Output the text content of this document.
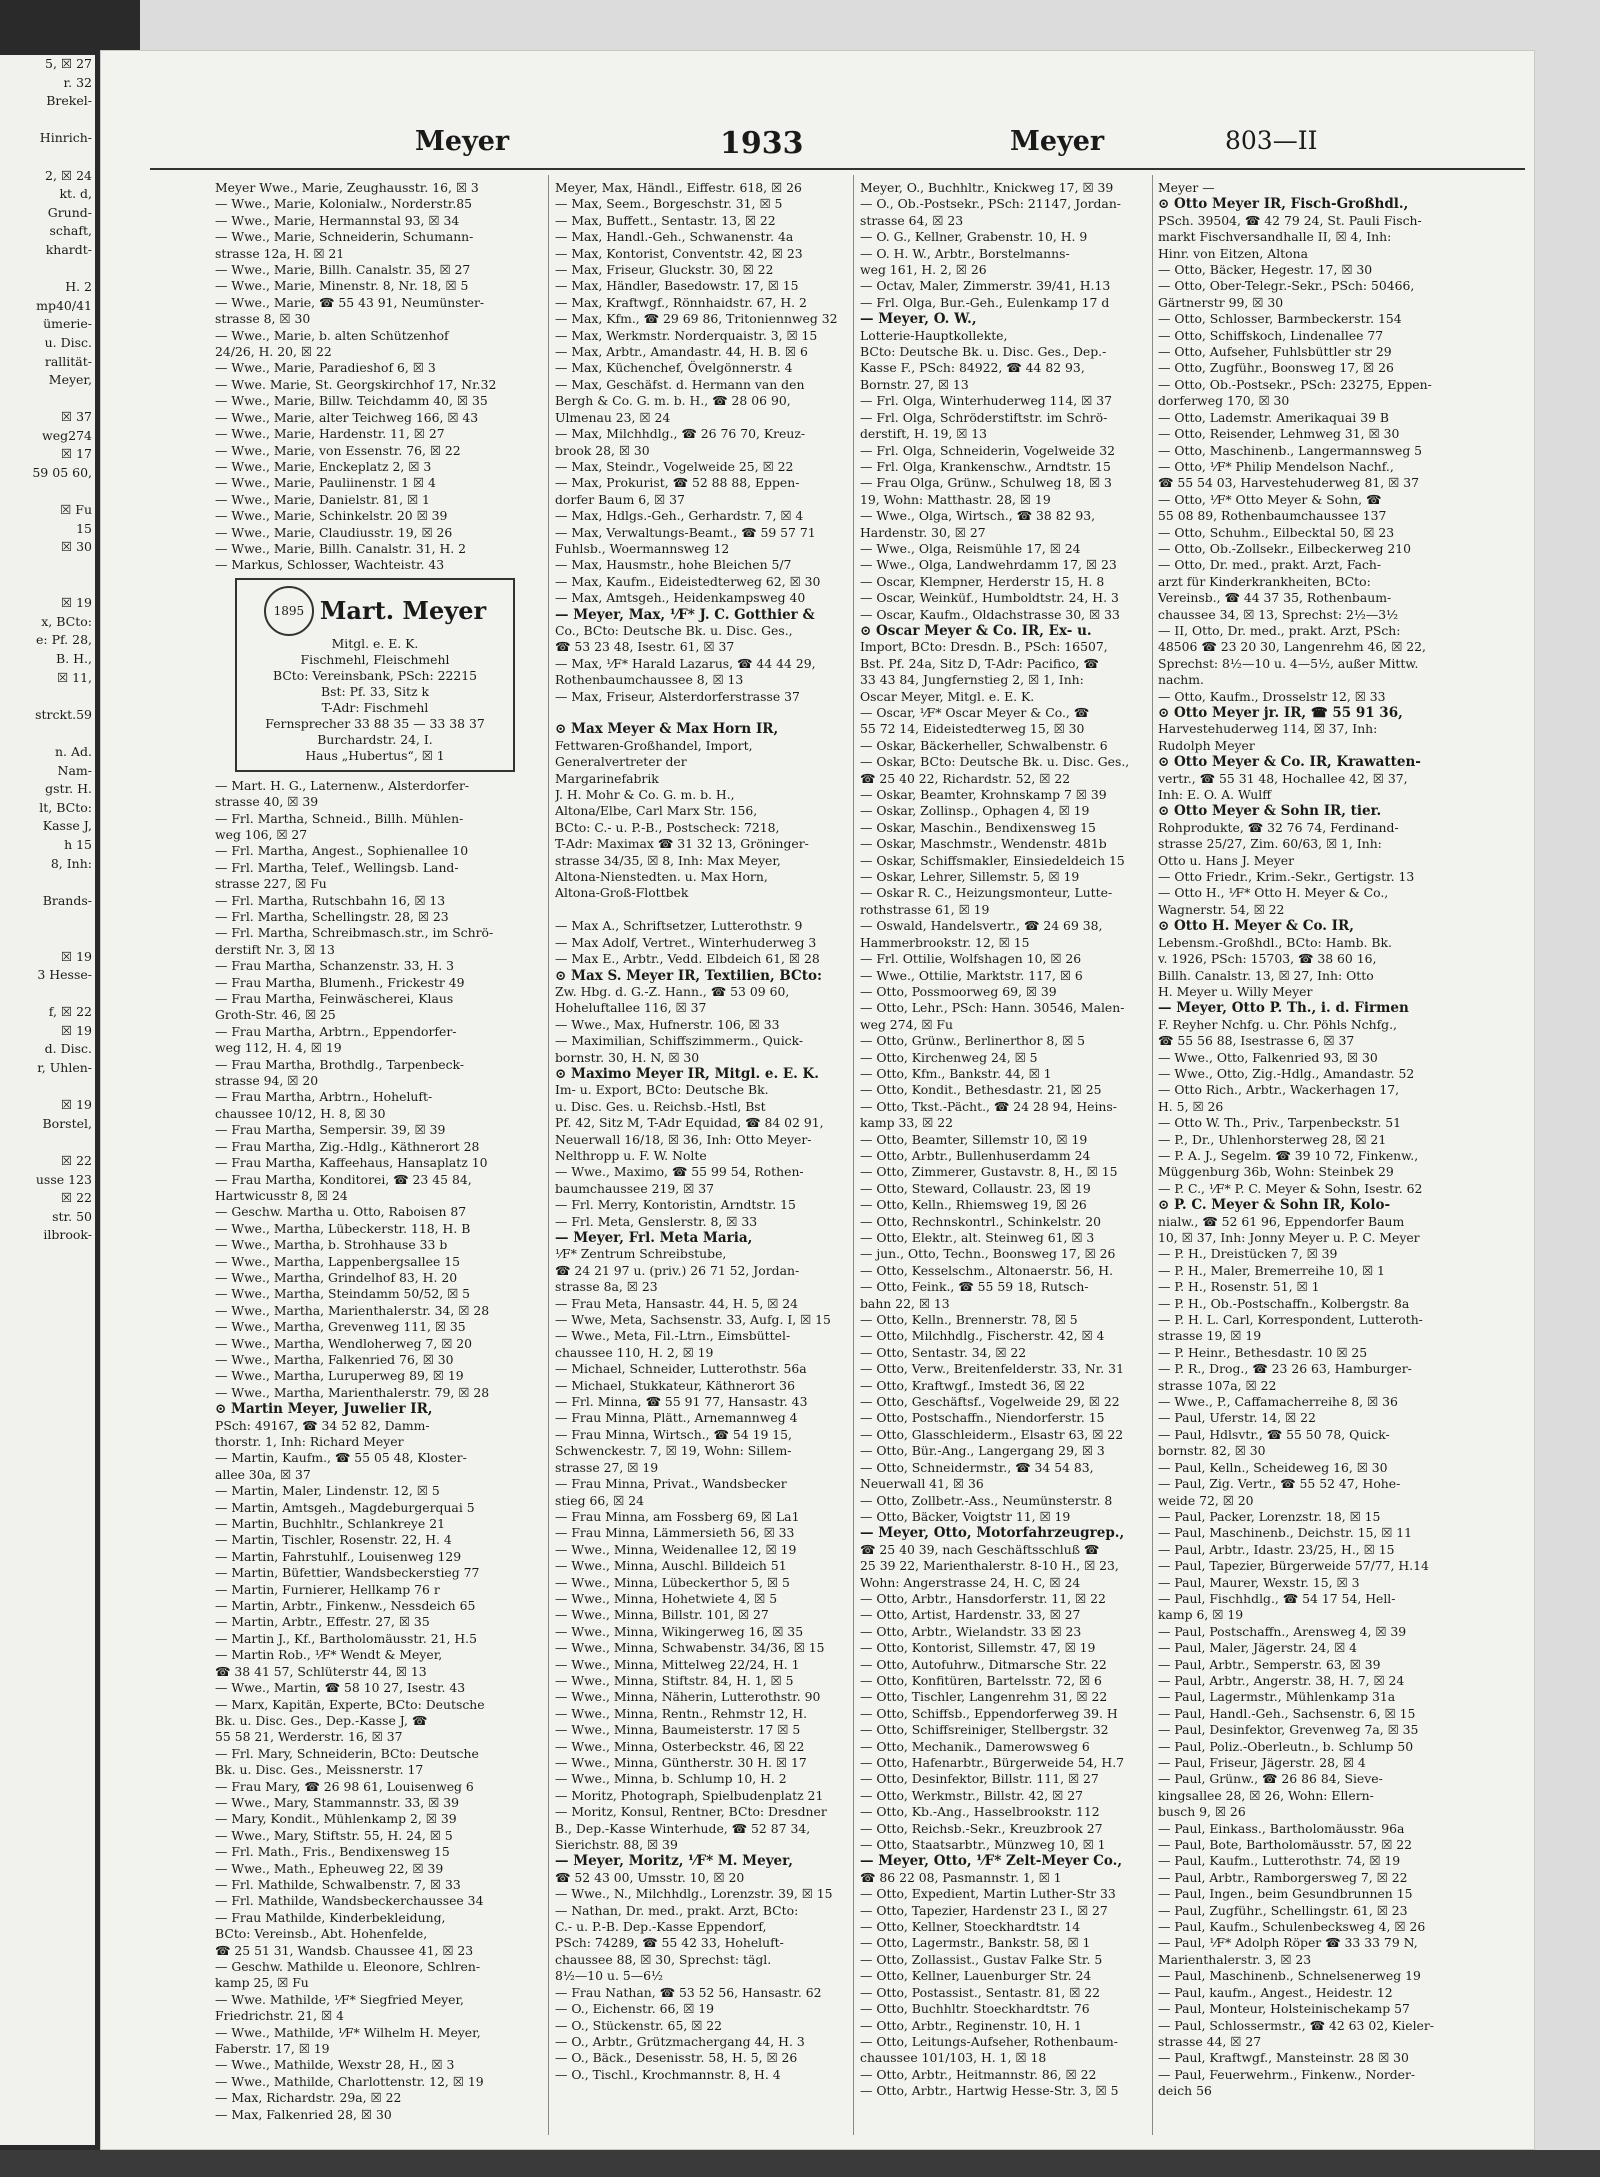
5, ☒ 27
r. 32
Brekel-

Hinrich-

2, ☒ 24
kt. d,
Grund-
schaft,
khardt-

H. 2
mp40/41
ümerie-
u. Disc.
rallität-
Meyer,

☒ 37
weg274
☒ 17
59 05 60,

☒ Fu
15
☒ 30

☒ 19
x, BCto:
e: Pf. 28,
B. H.,
☒ 11,

strckt.59

n. Ad.
Nam-
gstr. H.
lt, BCto:
Kasse J,
h 15
8, Inh:

Brands-

☒ 19
3 Hesse-

f, ☒ 22
☒ 19
d. Disc.
r, Uhlen-

☒ 19
Borstel,

☒ 22
usse 123
☒ 22
str. 50
ilbrook-
Meyer	1933	Meyer	803—II
Meyer Wwe., Marie, Zeughausstr. 16, ☒ 3
— Wwe., Marie, Kolonialw., Norderstr.85
— Wwe., Marie, Hermannstal 93, ☒ 34
— Wwe., Marie, Schneiderin, Schumann-
strasse 12a, H. ☒ 21
— Wwe., Marie, Billh. Canalstr. 35, ☒ 27
— Wwe., Marie, Minenstr. 8, Nr. 18, ☒ 5
— Wwe., Marie, ☎ 55 43 91, Neumünster-
strasse 8, ☒ 30
— Wwe., Marie, b. alten Schützenhof
24/26, H. 20, ☒ 22
— Wwe., Marie, Paradieshof 6, ☒ 3
— Wwe. Marie, St. Georgskirchhof 17, Nr.32
— Wwe., Marie, Billw. Teichdamm 40, ☒ 35
— Wwe., Marie, alter Teichweg 166, ☒ 43
— Wwe., Marie, Hardenstr. 11, ☒ 27
— Wwe., Marie, von Essenstr. 76, ☒ 22
— Wwe., Marie, Enckeplatz 2, ☒ 3
— Wwe., Marie, Pauliinenstr. 1 ☒ 4
— Wwe., Marie, Danielstr. 81, ☒ 1
— Wwe., Marie, Schinkelstr. 20 ☒ 39
— Wwe., Marie, Claudiusstr. 19, ☒ 26
— Wwe., Marie, Billh. Canalstr. 31, H. 2
— Markus, Schlosser, Wachteistr. 43
1895 Mart. Meyer
Mitgl. e. E. K.
Fischmehl, Fleischmehl
BCto: Vereinsbank, PSch: 22215
Bst: Pf. 33, Sitz k
T-Adr: Fischmehl
Fernsprecher 33 88 35 — 33 38 37
Burchardstr. 24, I.
Haus „Hubertus“, ☒ 1
— Mart. H. G., Laternenw., Alsterdorfer-
strasse 40, ☒ 39
— Frl. Martha, Schneid., Billh. Mühlen-
weg 106, ☒ 27
— Frl. Martha, Angest., Sophienallee 10
— Frl. Martha, Telef., Wellingsb. Land-
strasse 227, ☒ Fu
— Frl. Martha, Rutschbahn 16, ☒ 13
— Frl. Martha, Schellingstr. 28, ☒ 23
— Frl. Martha, Schreibmasch.str., im Schrö-
derstift Nr. 3, ☒ 13
— Frau Martha, Schanzenstr. 33, H. 3
— Frau Martha, Blumenh., Frickestr 49
— Frau Martha, Feinwäscherei, Klaus
Groth-Str. 46, ☒ 25
— Frau Martha, Arbtrn., Eppendorfer-
weg 112, H. 4, ☒ 19
— Frau Martha, Brothdlg., Tarpenbeck-
strasse 94, ☒ 20
— Frau Martha, Arbtrn., Hoheluft-
chaussee 10/12, H. 8, ☒ 30
— Frau Martha, Sempersir. 39, ☒ 39
— Frau Martha, Zig.-Hdlg., Käthnerort 28
— Frau Martha, Kaffeehaus, Hansaplatz 10
— Frau Martha, Konditorei, ☎ 23 45 84,
Hartwicusstr 8, ☒ 24
— Geschw. Martha u. Otto, Raboisen 87
— Wwe., Martha, Lübeckerstr. 118, H. B
— Wwe., Martha, b. Strohhause 33 b
— Wwe., Martha, Lappenbergsallee 15
— Wwe., Martha, Grindelhof 83, H. 20
— Wwe., Martha, Steindamm 50/52, ☒ 5
— Wwe., Martha, Marienthalerstr. 34, ☒ 28
— Wwe., Martha, Grevenweg 111, ☒ 35
— Wwe., Martha, Wendloherweg 7, ☒ 20
— Wwe., Martha, Falkenried 76, ☒ 30
— Wwe., Martha, Luruperweg 89, ☒ 19
— Wwe., Martha, Marienthalerstr. 79, ☒ 28
⊙ Martin Meyer, Juwelier IR,
PSch: 49167, ☎ 34 52 82, Damm-
thorstr. 1, Inh: Richard Meyer
— Martin, Kaufm., ☎ 55 05 48, Kloster-
allee 30a, ☒ 37
— Martin, Maler, Lindenstr. 12, ☒ 5
— Martin, Amtsgeh., Magdeburgerquai 5
— Martin, Buchhltr., Schlankreye 21
— Martin, Tischler, Rosenstr. 22, H. 4
— Martin, Fahrstuhlf., Louisenweg 129
— Martin, Büfettier, Wandsbeckerstieg 77
— Martin, Furnierer, Hellkamp 76 r
— Martin, Arbtr., Finkenw., Nessdeich 65
— Martin, Arbtr., Effestr. 27, ☒ 35
— Martin J., Kf., Bartholomäusstr. 21, H.5
— Martin Rob., ⅟F* Wendt & Meyer,
☎ 38 41 57, Schlüterstr 44, ☒ 13
— Wwe., Martin, ☎ 58 10 27, Isestr. 43
— Marx, Kapitän, Experte, BCto: Deutsche
Bk. u. Disc. Ges., Dep.-Kasse J, ☎
55 58 21, Werderstr. 16, ☒ 37
— Frl. Mary, Schneiderin, BCto: Deutsche
Bk. u. Disc. Ges., Meissnerstr. 17
— Frau Mary, ☎ 26 98 61, Louisenweg 6
— Wwe., Mary, Stammannstr. 33, ☒ 39
— Mary, Kondit., Mühlenkamp 2, ☒ 39
— Wwe., Mary, Stiftstr. 55, H. 24, ☒ 5
— Frl. Math., Fris., Bendixensweg 15
— Wwe., Math., Epheuweg 22, ☒ 39
— Frl. Mathilde, Schwalbenstr. 7, ☒ 33
— Frl. Mathilde, Wandsbeckerchaussee 34
— Frau Mathilde, Kinderbekleidung,
BCto: Vereinsb., Abt. Hohenfelde,
☎ 25 51 31, Wandsb. Chaussee 41, ☒ 23
— Geschw. Mathilde u. Eleonore, Schlren-
kamp 25, ☒ Fu
— Wwe. Mathilde, ⅟F* Siegfried Meyer,
Friedrichstr. 21, ☒ 4
— Wwe., Mathilde, ⅟F* Wilhelm H. Meyer,
Faberstr. 17, ☒ 19
— Wwe., Mathilde, Wexstr 28, H., ☒ 3
— Wwe., Mathilde, Charlottenstr. 12, ☒ 19
— Max, Richardstr. 29a, ☒ 22
— Max, Falkenried 28, ☒ 30
Meyer, Max, Händl., Eiffestr. 618, ☒ 26
— Max, Seem., Borgeschstr. 31, ☒ 5
— Max, Buffett., Sentastr. 13, ☒ 22
— Max, Handl.-Geh., Schwanenstr. 4a
— Max, Kontorist, Conventstr. 42, ☒ 23
— Max, Friseur, Gluckstr. 30, ☒ 22
— Max, Händler, Basedowstr. 17, ☒ 15
— Max, Kraftwgf., Rönnhaidstr. 67, H. 2
— Max, Kfm., ☎ 29 69 86, Tritoniennweg 32
— Max, Werkmstr. Norderquaistr. 3, ☒ 15
— Max, Arbtr., Amandastr. 44, H. B. ☒ 6
— Max, Küchenchef, Övelgönnerstr. 4
— Max, Geschäfst. d. Hermann van den
Bergh & Co. G. m. b. H., ☎ 28 06 90,
Ulmenau 23, ☒ 24
— Max, Milchhdlg., ☎ 26 76 70, Kreuz-
brook 28, ☒ 30
— Max, Steindr., Vogelweide 25, ☒ 22
— Max, Prokurist, ☎ 52 88 88, Eppen-
dorfer Baum 6, ☒ 37
— Max, Hdlgs.-Geh., Gerhardstr. 7, ☒ 4
— Max, Verwaltungs-Beamt., ☎ 59 57 71
Fuhlsb., Woermannsweg 12
— Max, Hausmstr., hohe Bleichen 5/7
— Max, Kaufm., Eideistedterweg 62, ☒ 30
— Max, Amtsgeh., Heidenkampsweg 40
— Meyer, Max, ⅟F* J. C. Gotthier &
Co., BCto: Deutsche Bk. u. Disc. Ges.,
☎ 53 23 48, Isestr. 61, ☒ 37
— Max, ⅟F* Harald Lazarus, ☎ 44 44 29,
Rothenbaumchaussee 8, ☒ 13
— Max, Friseur, Alsterdorferstrasse 37

⊙ Max Meyer & Max Horn IR,
Fettwaren-Großhandel, Import,
Generalvertreter der
Margarinefabrik
J. H. Mohr & Co. G. m. b. H.,
Altona/Elbe, Carl Marx Str. 156,
BCto: C.- u. P.-B., Postscheck: 7218,
T-Adr: Maximax ☎ 31 32 13, Gröninger-
strasse 34/35, ☒ 8, Inh: Max Meyer,
Altona-Nienstedten. u. Max Horn,
Altona-Groß-Flottbek

— Max A., Schriftsetzer, Lutterothstr. 9
— Max Adolf, Vertret., Winterhuderweg 3
— Max E., Arbtr., Vedd. Elbdeich 61, ☒ 28
⊙ Max S. Meyer IR, Textilien, BCto:
Zw. Hbg. d. G.-Z. Hann., ☎ 53 09 60,
Hoheluftallee 116, ☒ 37
— Wwe., Max, Hufnerstr. 106, ☒ 33
— Maximilian, Schiffszimmerm., Quick-
bornstr. 30, H. N, ☒ 30
⊙ Maximo Meyer IR, Mitgl. e. E. K.
Im- u. Export, BCto: Deutsche Bk.
u. Disc. Ges. u. Reichsb.-Hstl, Bst
Pf. 42, Sitz M, T-Adr Equidad, ☎ 84 02 91,
Neuerwall 16/18, ☒ 36, Inh: Otto Meyer-
Nelthropp u. F. W. Nolte
— Wwe., Maximo, ☎ 55 99 54, Rothen-
baumchaussee 219, ☒ 37
— Frl. Merry, Kontoristin, Arndtstr. 15
— Frl. Meta, Genslerstr. 8, ☒ 33
— Meyer, Frl. Meta Maria,
⅟F* Zentrum Schreibstube,
☎ 24 21 97 u. (priv.) 26 71 52, Jordan-
strasse 8a, ☒ 23
— Frau Meta, Hansastr. 44, H. 5, ☒ 24
— Wwe, Meta, Sachsenstr. 33, Aufg. I, ☒ 15
— Wwe., Meta, Fil.-Ltrn., Eimsbüttel-
chaussee 110, H. 2, ☒ 19
— Michael, Schneider, Lutterothstr. 56a
— Michael, Stukkateur, Käthnerort 36
— Frl. Minna, ☎ 55 91 77, Hansastr. 43
— Frau Minna, Plätt., Arnemannweg 4
— Frau Minna, Wirtsch., ☎ 54 19 15,
Schwenckestr. 7, ☒ 19, Wohn: Sillem-
strasse 27, ☒ 19
— Frau Minna, Privat., Wandsbecker
stieg 66, ☒ 24
— Frau Minna, am Fossberg 69, ☒ La1
— Frau Minna, Lämmersieth 56, ☒ 33
— Wwe., Minna, Weidenallee 12, ☒ 19
— Wwe., Minna, Auschl. Billdeich 51
— Wwe., Minna, Lübeckerthor 5, ☒ 5
— Wwe., Minna, Hohetwiete 4, ☒ 5
— Wwe., Minna, Billstr. 101, ☒ 27
— Wwe., Minna, Wikingerweg 16, ☒ 35
— Wwe., Minna, Schwabenstr. 34/36, ☒ 15
— Wwe., Minna, Mittelweg 22/24, H. 1
— Wwe., Minna, Stiftstr. 84, H. 1, ☒ 5
— Wwe., Minna, Näherin, Lutterothstr. 90
— Wwe., Minna, Rentn., Rehmstr 12, H.
— Wwe., Minna, Baumeisterstr. 17 ☒ 5
— Wwe., Minna, Osterbeckstr. 46, ☒ 22
— Wwe., Minna, Güntherstr. 30 H. ☒ 17
— Wwe., Minna, b. Schlump 10, H. 2
— Moritz, Photograph, Spielbudenplatz 21
— Moritz, Konsul, Rentner, BCto: Dresdner
B., Dep.-Kasse Winterhude, ☎ 52 87 34,
Sierichstr. 88, ☒ 39
— Meyer, Moritz, ⅟F* M. Meyer,
☎ 52 43 00, Umsstr. 10, ☒ 20
— Wwe., N., Milchhdlg., Lorenzstr. 39, ☒ 15
— Nathan, Dr. med., prakt. Arzt, BCto:
C.- u. P.-B. Dep.-Kasse Eppendorf,
PSch: 74289, ☎ 55 42 33, Hoheluft-
chaussee 88, ☒ 30, Sprechst: tägl.
8½—10 u. 5—6½
— Frau Nathan, ☎ 53 52 56, Hansastr. 62
— O., Eichenstr. 66, ☒ 19
— O., Stückenstr. 65, ☒ 22
— O., Arbtr., Grützmachergang 44, H. 3
— O., Bäck., Desenisstr. 58, H. 5, ☒ 26
— O., Tischl., Krochmannstr. 8, H. 4
Meyer, O., Buchhltr., Knickweg 17, ☒ 39
— O., Ob.-Postsekr., PSch: 21147, Jordan-
strasse 64, ☒ 23
— O. G., Kellner, Grabenstr. 10, H. 9
— O. H. W., Arbtr., Borstelmanns-
weg 161, H. 2, ☒ 26
— Octav, Maler, Zimmerstr. 39/41, H.13
— Frl. Olga, Bur.-Geh., Eulenkamp 17 d
— Meyer, O. W.,
Lotterie-Hauptkollekte,
BCto: Deutsche Bk. u. Disc. Ges., Dep.-
Kasse F., PSch: 84922, ☎ 44 82 93,
Bornstr. 27, ☒ 13
— Frl. Olga, Winterhuderweg 114, ☒ 37
— Frl. Olga, Schröderstiftstr. im Schrö-
derstift, H. 19, ☒ 13
— Frl. Olga, Schneiderin, Vogelweide 32
— Frl. Olga, Krankenschw., Arndtstr. 15
— Frau Olga, Grünw., Schulweg 18, ☒ 3
19, Wohn: Matthastr. 28, ☒ 19
— Wwe., Olga, Wirtsch., ☎ 38 82 93,
Hardenstr. 30, ☒ 27
— Wwe., Olga, Reismühle 17, ☒ 24
— Wwe., Olga, Landwehrdamm 17, ☒ 23
— Oscar, Klempner, Herderstr 15, H. 8
— Oscar, Weinküf., Humboldtstr. 24, H. 3
— Oscar, Kaufm., Oldachstrasse 30, ☒ 33
⊙ Oscar Meyer & Co. IR, Ex- u.
Import, BCto: Dresdn. B., PSch: 16507,
Bst. Pf. 24a, Sitz D, T-Adr: Pacifico, ☎
33 43 84, Jungfernstieg 2, ☒ 1, Inh:
Oscar Meyer, Mitgl. e. E. K.
— Oscar, ⅟F* Oscar Meyer & Co., ☎
55 72 14, Eideistedterweg 15, ☒ 30
— Oskar, Bäckerheller, Schwalbenstr. 6
— Oskar, BCto: Deutsche Bk. u. Disc. Ges.,
☎ 25 40 22, Richardstr. 52, ☒ 22
— Oskar, Beamter, Krohnskamp 7 ☒ 39
— Oskar, Zollinsp., Ophagen 4, ☒ 19
— Oskar, Maschin., Bendixensweg 15
— Oskar, Maschmstr., Wendenstr. 481b
— Oskar, Schiffsmakler, Einsiedeldeich 15
— Oskar, Lehrer, Sillemstr. 5, ☒ 19
— Oskar R. C., Heizungsmonteur, Lutte-
rothstrasse 61, ☒ 19
— Oswald, Handelsvertr., ☎ 24 69 38,
Hammerbrookstr. 12, ☒ 15
— Frl. Ottilie, Wolfshagen 10, ☒ 26
— Wwe., Ottilie, Marktstr. 117, ☒ 6
— Otto, Possmoorweg 69, ☒ 39
— Otto, Lehr., PSch: Hann. 30546, Malen-
weg 274, ☒ Fu
— Otto, Grünw., Berlinerthor 8, ☒ 5
— Otto, Kirchenweg 24, ☒ 5
— Otto, Kfm., Bankstr. 44, ☒ 1
— Otto, Kondit., Bethesdastr. 21, ☒ 25
— Otto, Tkst.-Pächt., ☎ 24 28 94, Heins-
kamp 33, ☒ 22
— Otto, Beamter, Sillemstr 10, ☒ 19
— Otto, Arbtr., Bullenhuserdamm 24
— Otto, Zimmerer, Gustavstr. 8, H., ☒ 15
— Otto, Steward, Collaustr. 23, ☒ 19
— Otto, Kelln., Rhiemsweg 19, ☒ 26
— Otto, Rechnskontrl., Schinkelstr. 20
— Otto, Elektr., alt. Steinweg 61, ☒ 3
— jun., Otto, Techn., Boonsweg 17, ☒ 26
— Otto, Kesselschm., Altonaerstr. 56, H.
— Otto, Feink., ☎ 55 59 18, Rutsch-
bahn 22, ☒ 13
— Otto, Kelln., Brennerstr. 78, ☒ 5
— Otto, Milchhdlg., Fischerstr. 42, ☒ 4
— Otto, Sentastr. 34, ☒ 22
— Otto, Verw., Breitenfelderstr. 33, Nr. 31
— Otto, Kraftwgf., Imstedt 36, ☒ 22
— Otto, Geschäftsf., Vogelweide 29, ☒ 22
— Otto, Postschaffn., Niendorferstr. 15
— Otto, Glasschleiderm., Elsastr 63, ☒ 22
— Otto, Bür.-Ang., Langergang 29, ☒ 3
— Otto, Schneidermstr., ☎ 34 54 83,
Neuerwall 41, ☒ 36
— Otto, Zollbetr.-Ass., Neumünsterstr. 8
— Otto, Bäcker, Voigtstr 11, ☒ 19
— Meyer, Otto, Motorfahrzeugrep.,
☎ 25 40 39, nach Geschäftsschluß ☎
25 39 22, Marienthalerstr. 8-10 H., ☒ 23,
Wohn: Angerstrasse 24, H. C, ☒ 24
— Otto, Arbtr., Hansdorferstr. 11, ☒ 22
— Otto, Artist, Hardenstr. 33, ☒ 27
— Otto, Arbtr., Wielandstr. 33 ☒ 23
— Otto, Kontorist, Sillemstr. 47, ☒ 19
— Otto, Autofuhrw., Ditmarsche Str. 22
— Otto, Konfitüren, Bartelsstr. 72, ☒ 6
— Otto, Tischler, Langenrehm 31, ☒ 22
— Otto, Schiffsb., Eppendorferweg 39. H
— Otto, Schiffsreiniger, Stellbergstr. 32
— Otto, Mechanik., Damerowsweg 6
— Otto, Hafenarbtr., Bürgerweide 54, H.7
— Otto, Desinfektor, Billstr. 111, ☒ 27
— Otto, Werkmstr., Billstr. 42, ☒ 27
— Otto, Kb.-Ang., Hasselbrookstr. 112
— Otto, Reichsb.-Sekr., Kreuzbrook 27
— Otto, Staatsarbtr., Münzweg 10, ☒ 1
— Meyer, Otto, ⅟F* Zelt-Meyer Co.,
☎ 86 22 08, Pasmannstr. 1, ☒ 1
— Otto, Expedient, Martin Luther-Str 33
— Otto, Tapezier, Hardenstr 23 I., ☒ 27
— Otto, Kellner, Stoeckhardtstr. 14
— Otto, Lagermstr., Bankstr. 58, ☒ 1
— Otto, Zollassist., Gustav Falke Str. 5
— Otto, Kellner, Lauenburger Str. 24
— Otto, Postassist., Sentastr. 81, ☒ 22
— Otto, Buchhltr. Stoeckhardtstr. 76
— Otto, Arbtr., Reginenstr. 10, H. 1
— Otto, Leitungs-Aufseher, Rothenbaum-
chaussee 101/103, H. 1, ☒ 18
— Otto, Arbtr., Heitmannstr. 86, ☒ 22
— Otto, Arbtr., Hartwig Hesse-Str. 3, ☒ 5
Meyer —
⊙ Otto Meyer IR, Fisch-Großhdl.,
PSch. 39504, ☎ 42 79 24, St. Pauli Fisch-
markt Fischversandhalle II, ☒ 4, Inh:
Hinr. von Eitzen, Altona
— Otto, Bäcker, Hegestr. 17, ☒ 30
— Otto, Ober-Telegr.-Sekr., PSch: 50466,
Gärtnerstr 99, ☒ 30
— Otto, Schlosser, Barmbeckerstr. 154
— Otto, Schiffskoch, Lindenallee 77
— Otto, Aufseher, Fuhlsbüttler str 29
— Otto, Zugführ., Boonsweg 17, ☒ 26
— Otto, Ob.-Postsekr., PSch: 23275, Eppen-
dorferweg 170, ☒ 30
— Otto, Lademstr. Amerikaquai 39 B
— Otto, Reisender, Lehmweg 31, ☒ 30
— Otto, Maschinenb., Langermannsweg 5
— Otto, ⅟F* Philip Mendelson Nachf.,
☎ 55 54 03, Harvestehuderweg 81, ☒ 37
— Otto, ⅟F* Otto Meyer & Sohn, ☎
55 08 89, Rothenbaumchaussee 137
— Otto, Schuhm., Eilbecktal 50, ☒ 23
— Otto, Ob.-Zollsekr., Eilbeckerweg 210
— Otto, Dr. med., prakt. Arzt, Fach-
arzt für Kinderkrankheiten, BCto:
Vereinsb., ☎ 44 37 35, Rothenbaum-
chaussee 34, ☒ 13, Sprechst: 2½—3½
— II, Otto, Dr. med., prakt. Arzt, PSch:
48506 ☎ 23 20 30, Langenrehm 46, ☒ 22,
Sprechst: 8½—10 u. 4—5½, außer Mittw.
nachm.
— Otto, Kaufm., Drosselstr 12, ☒ 33
⊙ Otto Meyer jr. IR, ☎ 55 91 36,
Harvestehuderweg 114, ☒ 37, Inh:
Rudolph Meyer
⊙ Otto Meyer & Co. IR, Krawatten-
vertr., ☎ 55 31 48, Hochallee 42, ☒ 37,
Inh: E. O. A. Wulff
⊙ Otto Meyer & Sohn IR, tier.
Rohprodukte, ☎ 32 76 74, Ferdinand-
strasse 25/27, Zim. 60/63, ☒ 1, Inh:
Otto u. Hans J. Meyer
— Otto Friedr., Krim.-Sekr., Gertigstr. 13
— Otto H., ⅟F* Otto H. Meyer & Co.,
Wagnerstr. 54, ☒ 22
⊙ Otto H. Meyer & Co. IR,
Lebensm.-Großhdl., BCto: Hamb. Bk.
v. 1926, PSch: 15703, ☎ 38 60 16,
Billh. Canalstr. 13, ☒ 27, Inh: Otto
H. Meyer u. Willy Meyer
— Meyer, Otto P. Th., i. d. Firmen
F. Reyher Nchfg. u. Chr. Pöhls Nchfg.,
☎ 55 56 88, Isestrasse 6, ☒ 37
— Wwe., Otto, Falkenried 93, ☒ 30
— Wwe., Otto, Zig.-Hdlg., Amandastr. 52
— Otto Rich., Arbtr., Wackerhagen 17,
H. 5, ☒ 26
— Otto W. Th., Priv., Tarpenbeckstr. 51
— P., Dr., Uhlenhorsterweg 28, ☒ 21
— P. A. J., Segelm. ☎ 39 10 72, Finkenw.,
Müggenburg 36b, Wohn: Steinbek 29
— P. C., ⅟F* P. C. Meyer & Sohn, Isestr. 62
⊙ P. C. Meyer & Sohn IR, Kolo-
nialw., ☎ 52 61 96, Eppendorfer Baum
10, ☒ 37, Inh: Jonny Meyer u. P. C. Meyer
— P. H., Dreistücken 7, ☒ 39
— P. H., Maler, Bremerreihe 10, ☒ 1
— P. H., Rosenstr. 51, ☒ 1
— P. H., Ob.-Postschaffn., Kolbergstr. 8a
— P. H. L. Carl, Korrespondent, Lutteroth-
strasse 19, ☒ 19
— P. Heinr., Bethesdastr. 10 ☒ 25
— P. R., Drog., ☎ 23 26 63, Hamburger-
strasse 107a, ☒ 22
— Wwe., P., Caffamacherreihe 8, ☒ 36
— Paul, Uferstr. 14, ☒ 22
— Paul, Hdlsvtr., ☎ 55 50 78, Quick-
bornstr. 82, ☒ 30
— Paul, Kelln., Scheideweg 16, ☒ 30
— Paul, Zig. Vertr., ☎ 55 52 47, Hohe-
weide 72, ☒ 20
— Paul, Packer, Lorenzstr. 18, ☒ 15
— Paul, Maschinenb., Deichstr. 15, ☒ 11
— Paul, Arbtr., Idastr. 23/25, H., ☒ 15
— Paul, Tapezier, Bürgerweide 57/77, H.14
— Paul, Maurer, Wexstr. 15, ☒ 3
— Paul, Fischhdlg., ☎ 54 17 54, Hell-
kamp 6, ☒ 19
— Paul, Postschaffn., Arensweg 4, ☒ 39
— Paul, Maler, Jägerstr. 24, ☒ 4
— Paul, Arbtr., Semperstr. 63, ☒ 39
— Paul, Arbtr., Angerstr. 38, H. 7, ☒ 24
— Paul, Lagermstr., Mühlenkamp 31a
— Paul, Handl.-Geh., Sachsenstr. 6, ☒ 15
— Paul, Desinfektor, Grevenweg 7a, ☒ 35
— Paul, Poliz.-Oberleutn., b. Schlump 50
— Paul, Friseur, Jägerstr. 28, ☒ 4
— Paul, Grünw., ☎ 26 86 84, Sieve-
kingsallee 28, ☒ 26, Wohn: Ellern-
busch 9, ☒ 26
— Paul, Einkass., Bartholomäusstr. 96a
— Paul, Bote, Bartholomäusstr. 57, ☒ 22
— Paul, Kaufm., Lutterothstr. 74, ☒ 19
— Paul, Arbtr., Ramborgersweg 7, ☒ 22
— Paul, Ingen., beim Gesundbrunnen 15
— Paul, Zugführ., Schellingstr. 61, ☒ 23
— Paul, Kaufm., Schulenbecksweg 4, ☒ 26
— Paul, ⅟F* Adolph Röper ☎ 33 33 79 N,
Marienthalerstr. 3, ☒ 23
— Paul, Maschinenb., Schnelsenerweg 19
— Paul, kaufm., Angest., Heidestr. 12
— Paul, Monteur, Holsteinischekamp 57
— Paul, Schlossermstr., ☎ 42 63 02, Kieler-
strasse 44, ☒ 27
— Paul, Kraftwgf., Mansteinstr. 28 ☒ 30
— Paul, Feuerwehrm., Finkenw., Norder-
deich 56
